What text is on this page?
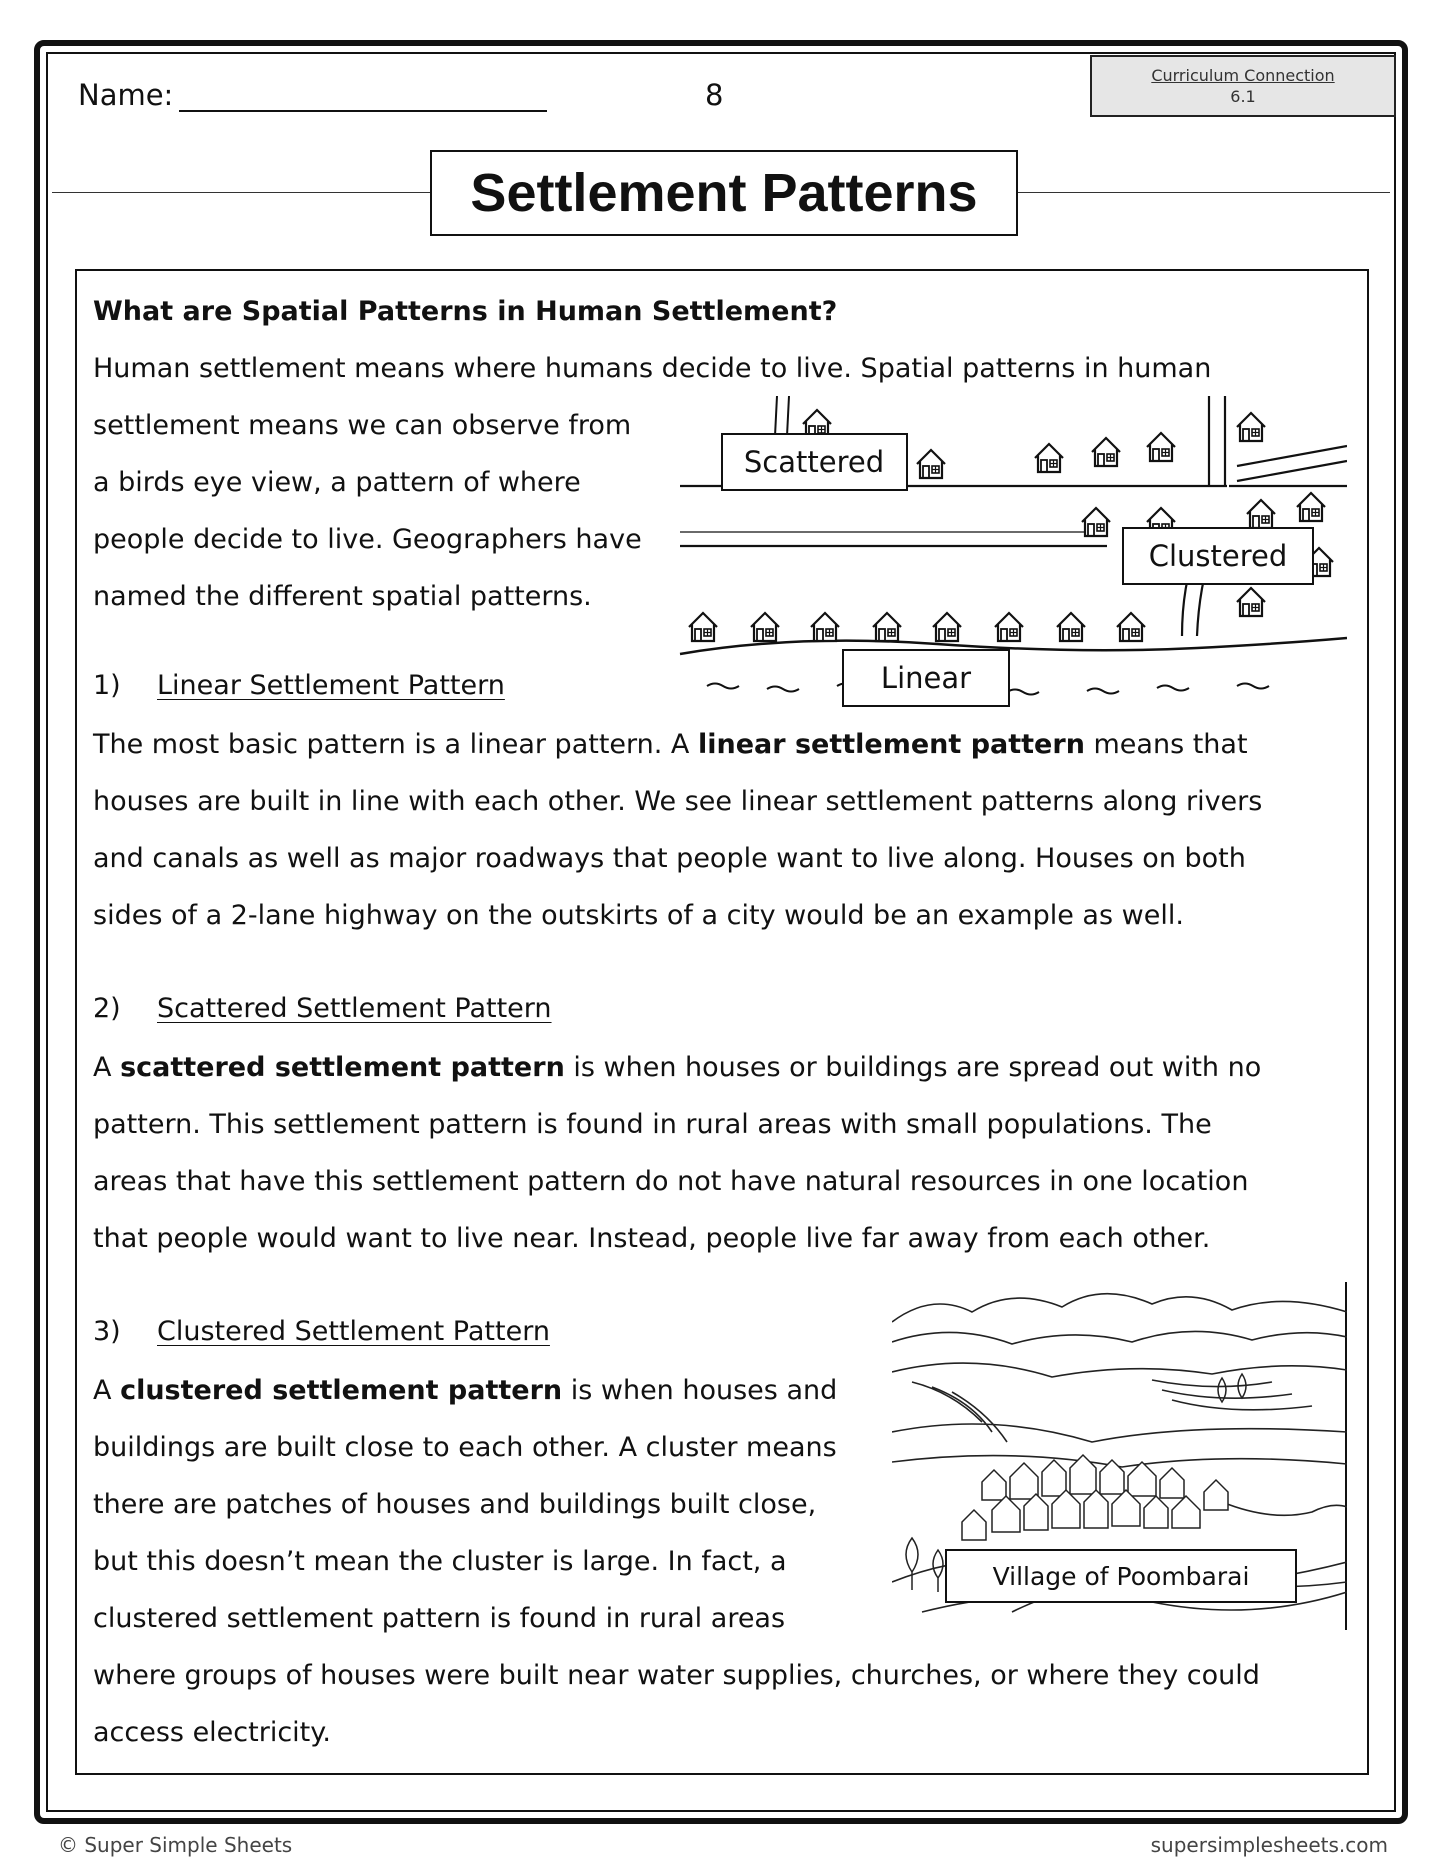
Name:	8
Curriculum Connection
6.1
Settlement Patterns
What are Spatial Patterns in Human Settlement?
Human settlement means where humans decide to live. Spatial patterns in human
settlement means we can observe from
a birds eye view, a pattern of where
people decide to live. Geographers have
named the different spatial patterns.
Scattered
Clustered
Linear
1) Linear Settlement Pattern
The most basic pattern is a linear pattern. A linear settlement pattern means that
houses are built in line with each other. We see linear settlement patterns along rivers
and canals as well as major roadways that people want to live along. Houses on both
sides of a 2-lane highway on the outskirts of a city would be an example as well.
2) Scattered Settlement Pattern
A scattered settlement pattern is when houses or buildings are spread out with no
pattern. This settlement pattern is found in rural areas with small populations. The
areas that have this settlement pattern do not have natural resources in one location
that people would want to live near. Instead, people live far away from each other.
3) Clustered Settlement Pattern
A clustered settlement pattern is when houses and
buildings are built close to each other. A cluster means
there are patches of houses and buildings built close,
but this doesn’t mean the cluster is large. In fact, a
clustered settlement pattern is found in rural areas
where groups of houses were built near water supplies, churches, or where they could
access electricity.
Village of Poombarai
© Super Simple Sheets	supersimplesheets.com
